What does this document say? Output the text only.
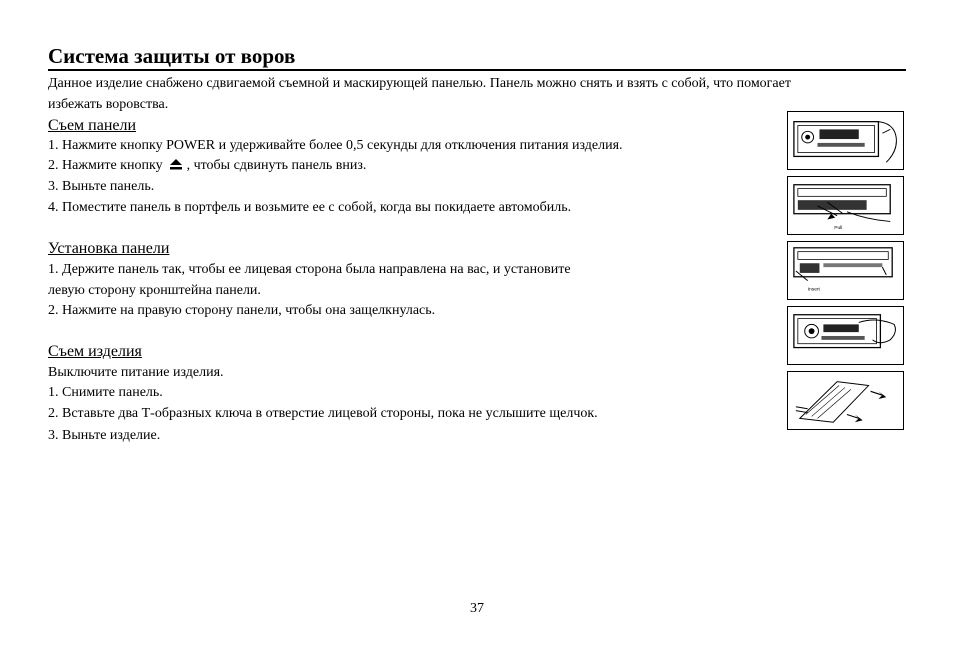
Система защиты от воров
Данное изделие снабжено сдвигаемой съемной и маскирующей панелью. Панель можно снять и взять с собой, что помогает
избежать воровства.
Съем панели
1. Нажмите кнопку POWER и удерживайте более 0,5 секунды для отключения питания изделия.
2. Нажмите кнопку , чтобы сдвинуть панель вниз.
3. Выньте панель.
4. Поместите панель в портфель и возьмите ее с собой, когда вы покидаете автомобиль.
Установка панели
1. Держите панель так, чтобы ее лицевая сторона была направлена на вас, и установите
левую сторону кронштейна панели.
2. Нажмите на правую сторону панели, чтобы она защелкнулась.
Съем изделия
Выключите питание изделия.
1. Снимите панель.
2. Вставьте два Т-образных ключа в отверстие лицевой стороны, пока не услышите щелчок.
3. Выньте изделие.
Pull
Insert
37
